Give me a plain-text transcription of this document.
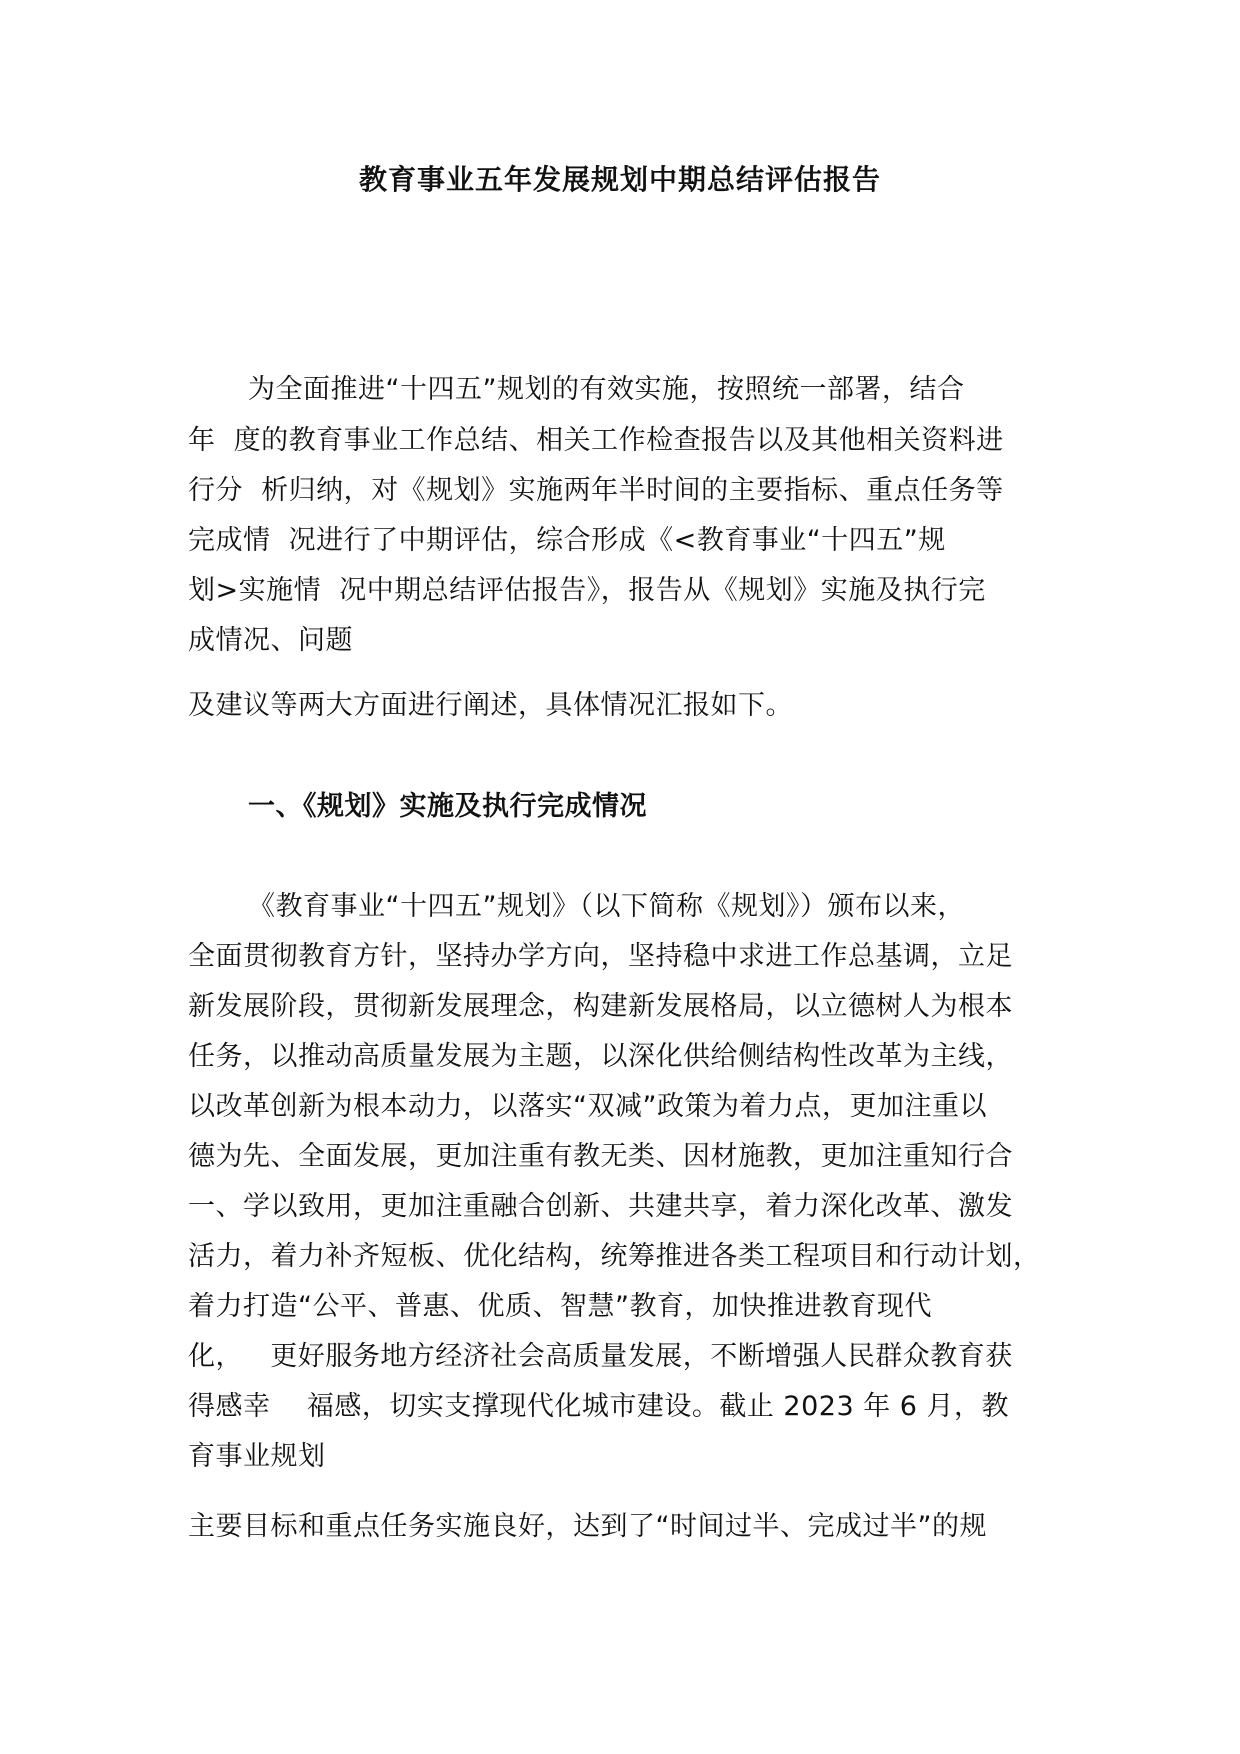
教育事业五年发展规划中期总结评估报告
为全面推进“十四五”规划的有效实施，按照统一部署，结合
年  度的教育事业工作总结、相关工作检查报告以及其他相关资料进
行分  析归纳，对《规划》实施两年半时间的主要指标、重点任务等
完成情  况进行了中期评估，综合形成《<教育事业“十四五”规
划>实施情  况中期总结评估报告》，报告从《规划》实施及执行完
成情况、问题
及建议等两大方面进行阐述，具体情况汇报如下。
一、《规划》实施及执行完成情况
《教育事业“十四五”规划》（以下简称《规划》）颁布以来，
全面贯彻教育方针，坚持办学方向，坚持稳中求进工作总基调，立足
新发展阶段，贯彻新发展理念，构建新发展格局，以立德树人为根本
任务，以推动高质量发展为主题，以深化供给侧结构性改革为主线，
以改革创新为根本动力，以落实“双减”政策为着力点，更加注重以
德为先、全面发展，更加注重有教无类、因材施教，更加注重知行合
一、学以致用，更加注重融合创新、共建共享，着力深化改革、激发
活力，着力补齐短板、优化结构，统筹推进各类工程项目和行动计划，
着力打造“公平、普惠、优质、智慧”教育，加快推进教育现代
化，   更好服务地方经济社会高质量发展，不断增强人民群众教育获
得感幸    福感，切实支撑现代化城市建设。截止 2023 年 6 月，教
育事业规划
主要目标和重点任务实施良好，达到了“时间过半、完成过半”的规
